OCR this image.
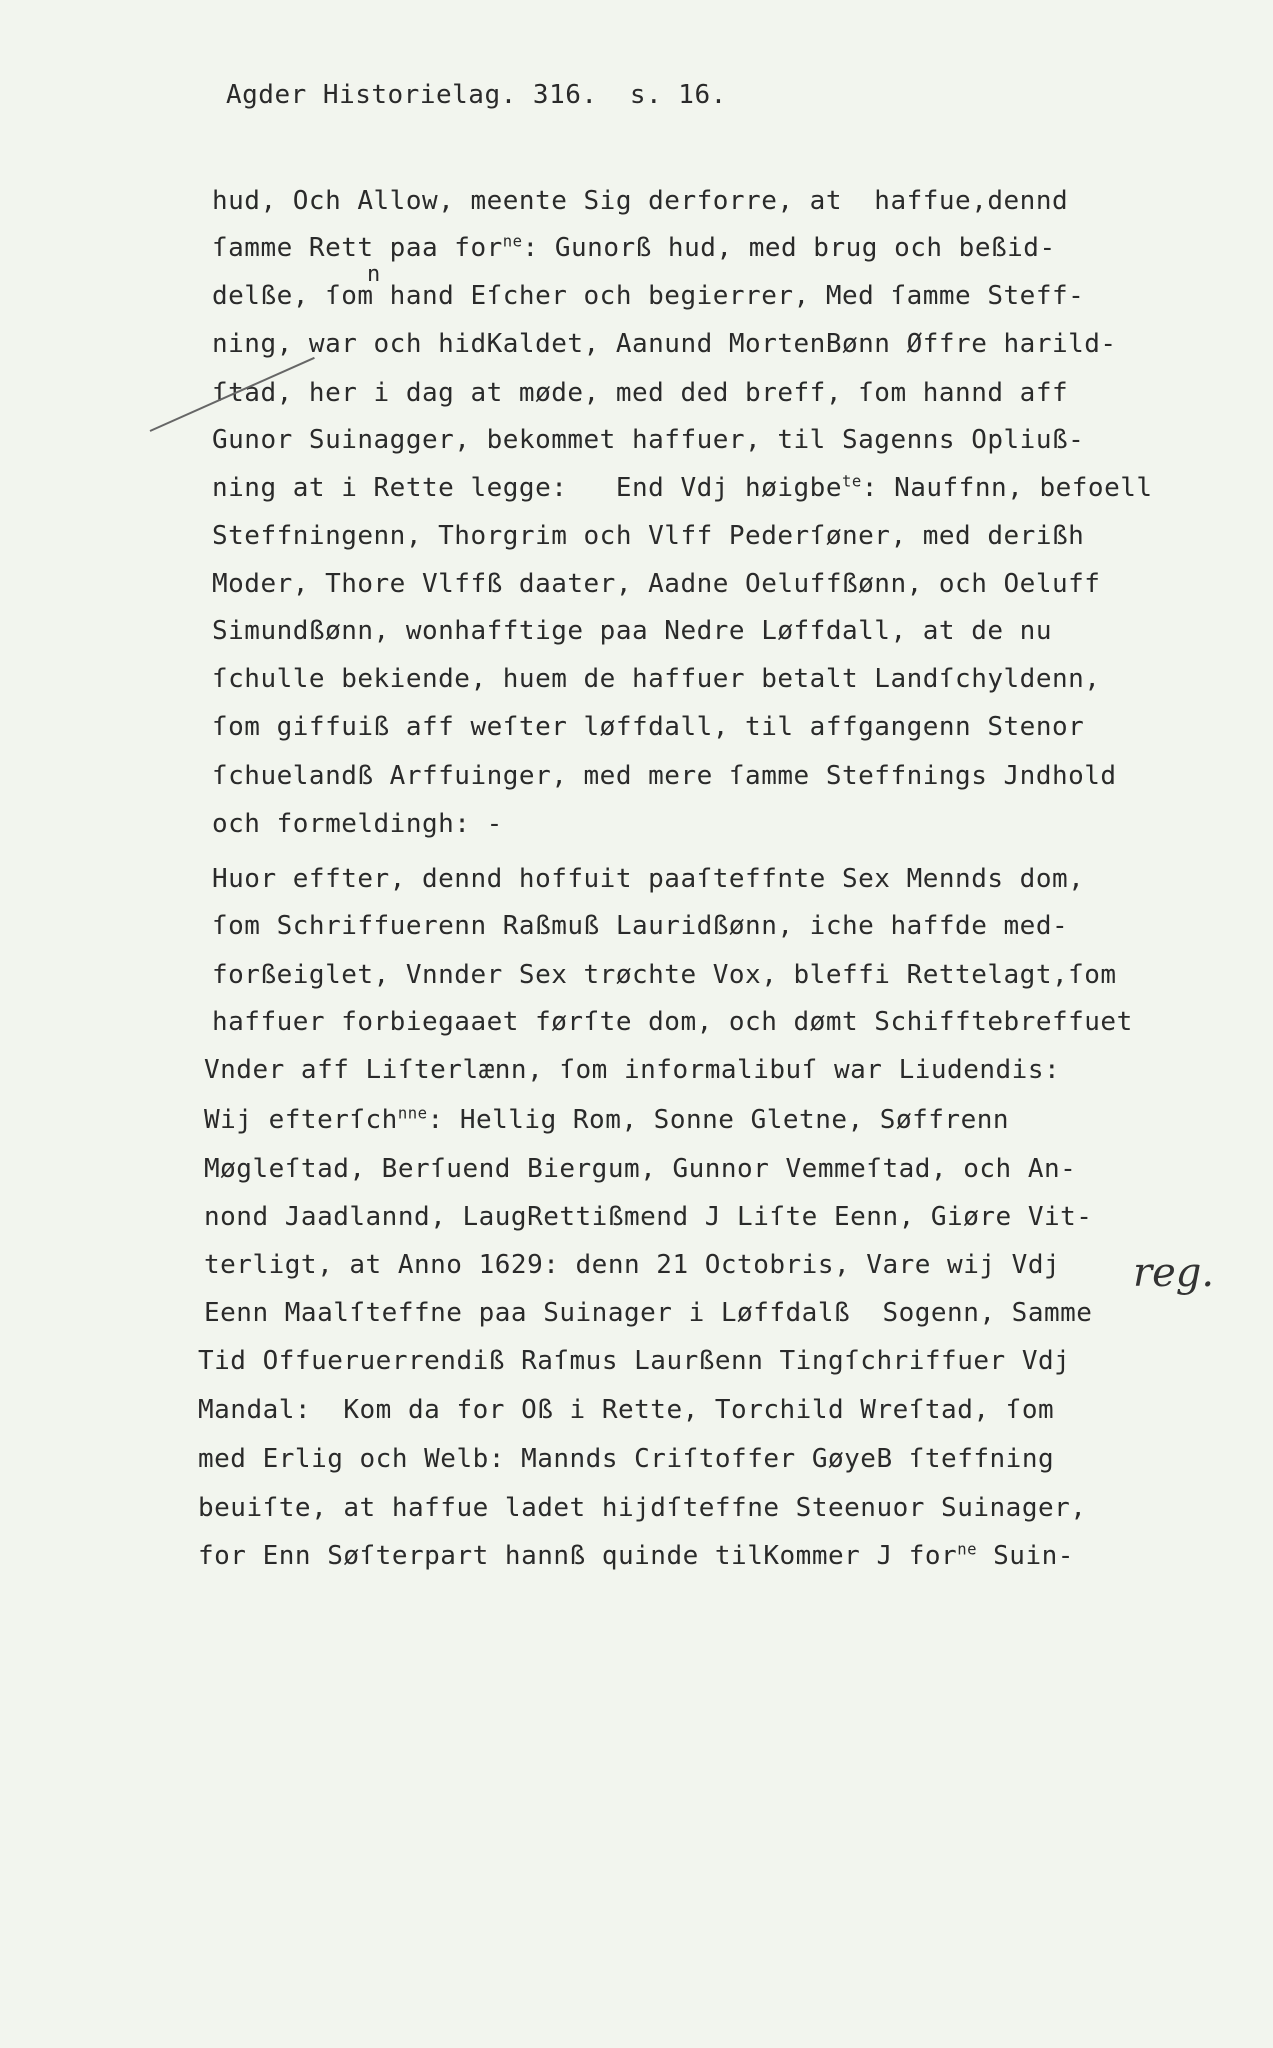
Agder Historielag. 316.  s. 16.
hud, Och Allow, meente Sig derforre, at  haffue,dennd
ſamme Rett paa for$^{ne}$: Gunorß hud, med brug och beßid-
delße, ſom hand Eſcher och begierrer, Med ſamme Steff-
ning, war och hidKaldet, Aanund MortenBønn Øffre harild-
ſtad, her i dag at møde, med ded breff, ſom hannd aff
Gunor Suinagger, bekommet haffuer, til Sagenns Opliuß-
ning at i Rette legge:   End Vdj høigbe$^{te}$: Nauffnn, befoell
Steffningenn, Thorgrim och Vlff Pederſøner, med derißh
Moder, Thore Vlffß daater, Aadne Oeluffßønn, och Oeluff
Simundßønn, wonhafftige paa Nedre Løffdall, at de nu
ſchulle bekiende, huem de haffuer betalt Landſchyldenn,
ſom giffuiß aff weſter løffdall, til affgangenn Stenor
ſchuelandß Arffuinger, med mere ſamme Steffnings Jndhold
och formeldingh: -
Huor effter, dennd hoffuit paaſteffnte Sex Mennds dom,
ſom Schriffuerenn Raßmuß Lauridßønn, iche haffde med-
forßeiglet, Vnnder Sex trøchte Vox, bleffi Rettelagt,ſom
haffuer forbiegaaet førſte dom, och dømt Schifftebreffuet
Vnder aff Liſterlænn, ſom informalibuſ war Liudendis:
Wij efterſch$^{nne}$: Hellig Rom, Sonne Gletne, Søffrenn
Møgleſtad, Berſuend Biergum, Gunnor Vemmeſtad, och An-
nond Jaadlannd, LaugRettißmend J Liſte Eenn, Giøre Vit-
terligt, at Anno 1629: denn 21 Octobris, Vare wij Vdj
Eenn Maalſteffne paa Suinager i Løffdalß  Sogenn, Samme
Tid Offueruerrendiß Raſmus Laurßenn Tingſchriffuer Vdj
Mandal:  Kom da for Oß i Rette, Torchild Wreſtad, ſom
med Erlig och Welb: Mannds Criſtoffer GøyeB ſteffning
beuiſte, at haffue ladet hijdſteffne Steenuor Suinager,
for Enn Søſterpart hannß quinde tilKommer J for$^{ne}$ Suin-
n
reg.
